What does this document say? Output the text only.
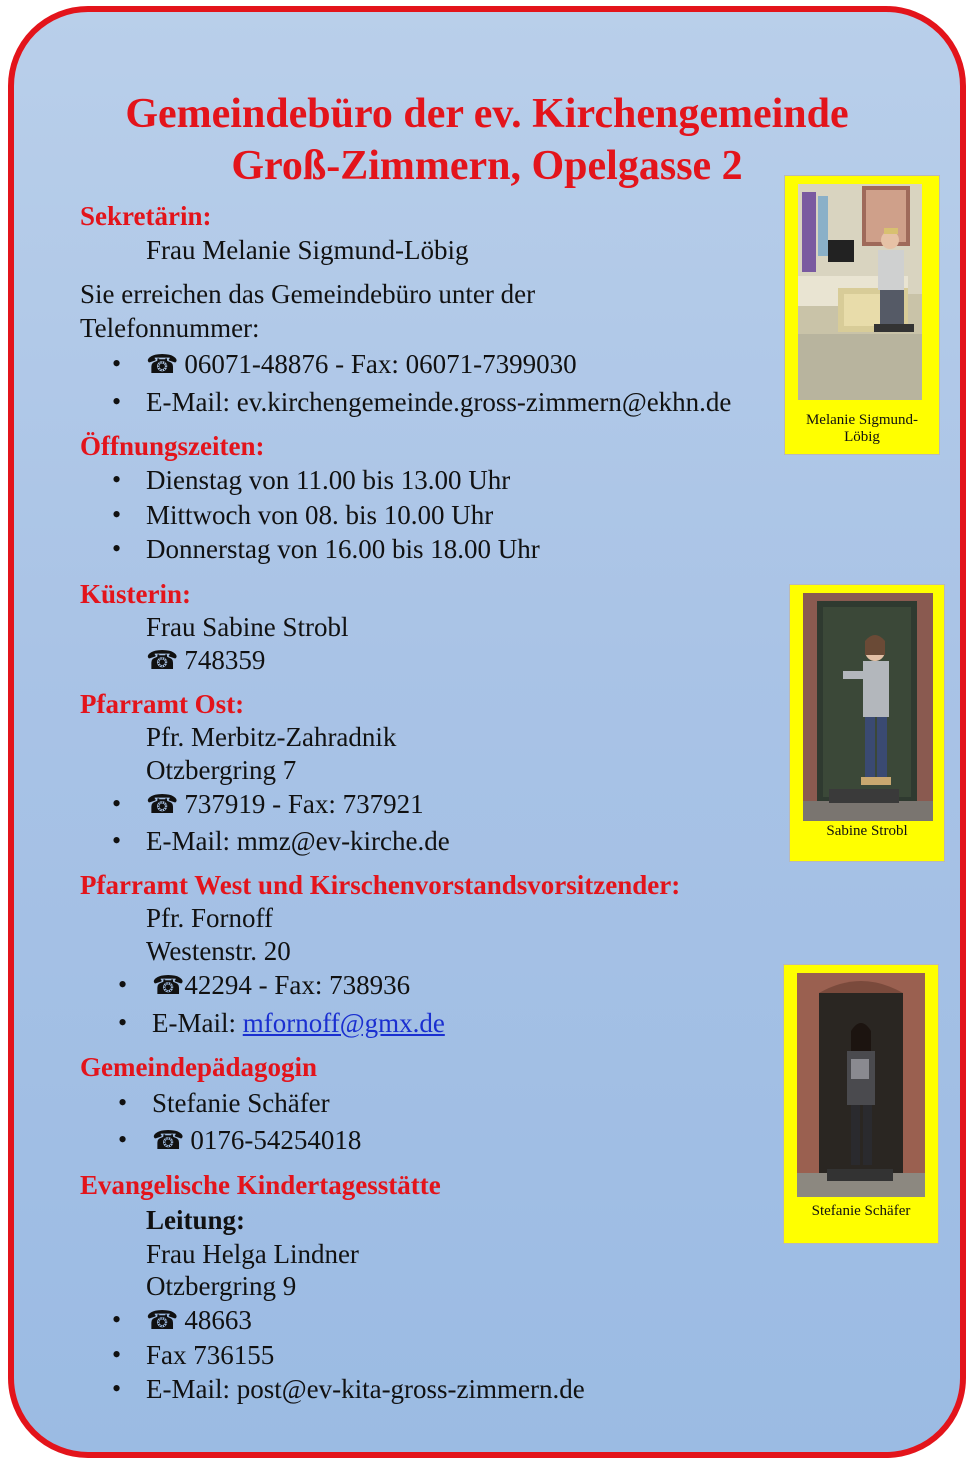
Gemeindebüro der ev. Kirchengemeinde
Groß-Zimmern, Opelgasse 2
Sekretärin:
Frau Melanie Sigmund-Löbig
Sie erreichen das Gemeindebüro unter der
Telefonnummer:
• ☎ 06071-48876 - Fax: 06071-7399030
• E-Mail: ev.kirchengemeinde.gross-zimmern@ekhn.de
Öffnungszeiten:
• Dienstag von 11.00 bis 13.00 Uhr
• Mittwoch von 08. bis 10.00 Uhr
• Donnerstag von 16.00 bis 18.00 Uhr
Küsterin:
Frau Sabine Strobl
☎ 748359
Pfarramt Ost:
Pfr. Merbitz-Zahradnik
Otzbergring 7
• ☎ 737919 - Fax: 737921
• E-Mail: mmz@ev-kirche.de
Pfarramt West und Kirschenvorstandsvorsitzender:
Pfr. Fornoff
Westenstr. 20
• ☎42294 - Fax: 738936
• E-Mail: mfornoff@gmx.de
Gemeindepädagogin
• Stefanie Schäfer
• ☎ 0176-54254018
Evangelische Kindertagesstätte
Leitung:
Frau Helga Lindner
Otzbergring 9
• ☎ 48663
• Fax 736155
• E-Mail: post@ev-kita-gross-zimmern.de
Melanie Sigmund-
Löbig
Sabine Strobl
Stefanie Schäfer
